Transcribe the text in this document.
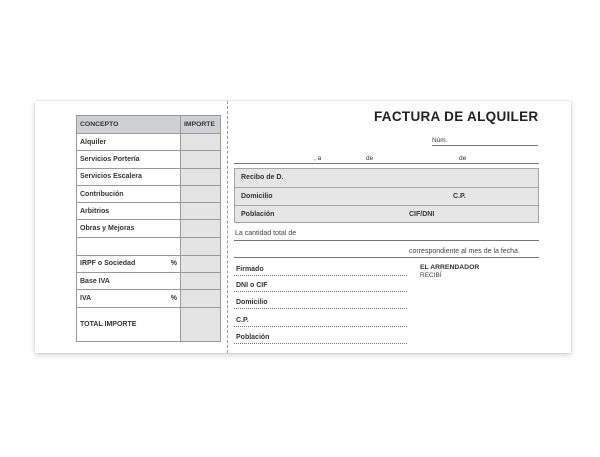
CONCEPTO	IMPORTE
Alquiler	
Servicios Portería	
Servicios Escalera	
Contribución	
Arbitrios	
Obras y Mejoras	

IRPF o Sociedad %	

Base IVA	
IVA %	

TOTAL IMPORTE	
FACTURA DE ALQUILER
Núm.
, a	de	de
Recibo de D.
Domicilio	C.P.
Población	CIF/DNI
La cantidad total de
correspondiente al mes de la fecha.
Firmado
DNI o CIF
Domicilio
C.P.
Población
EL ARRENDADOR
RECIBÍ
